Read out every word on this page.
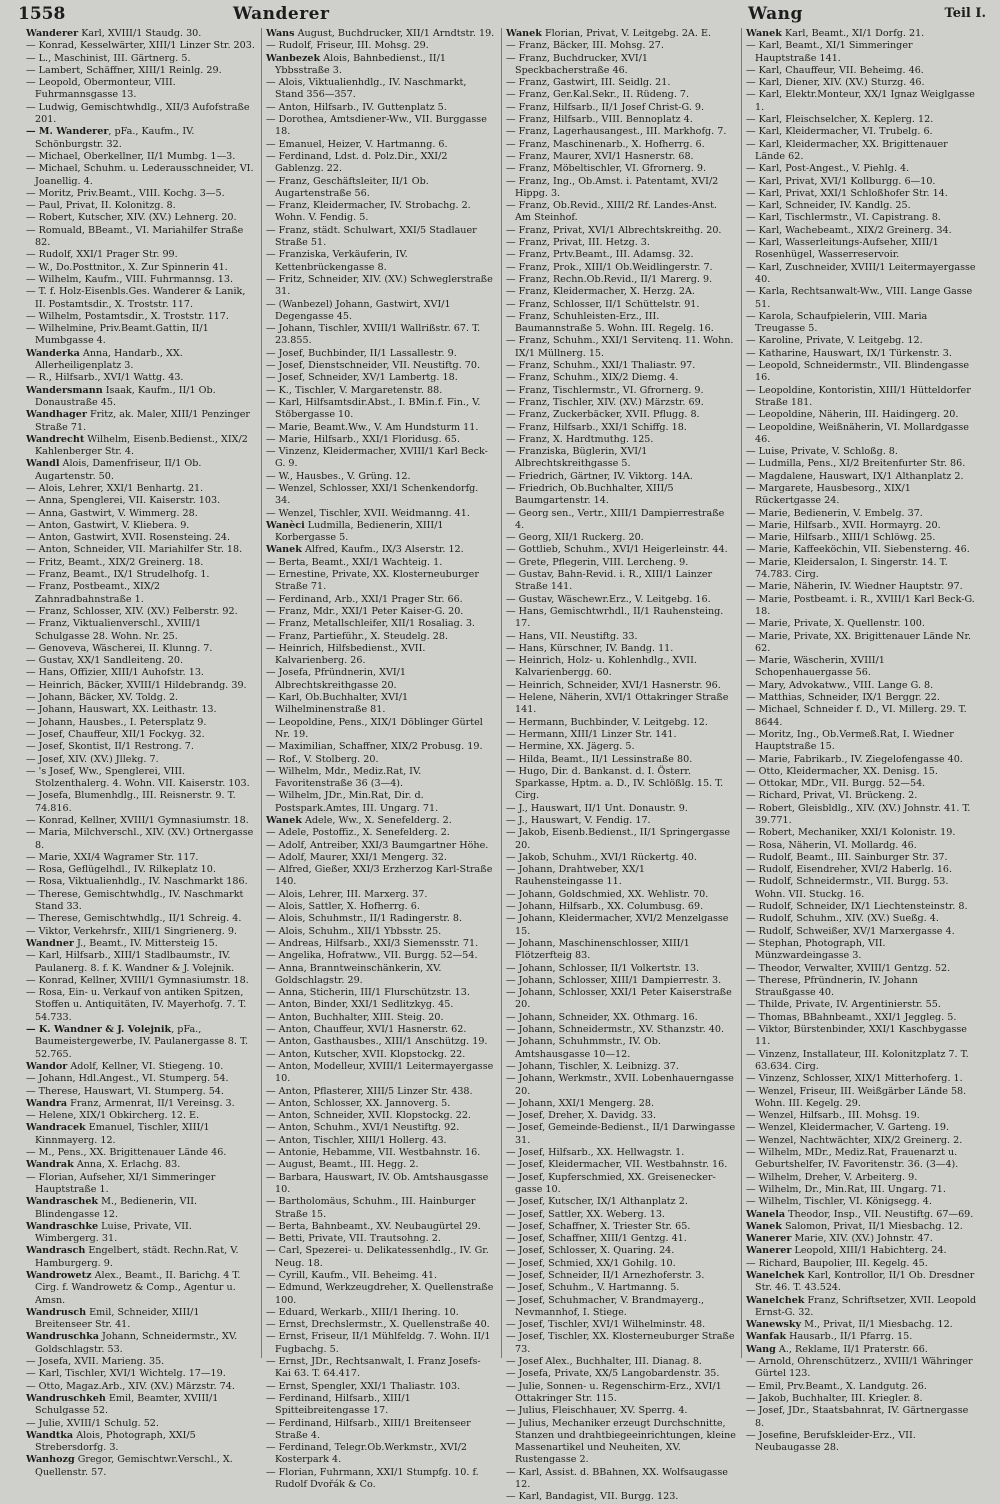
1558	Wanderer	Wang	Teil I.

Wanderer Karl, XVIII/1 Staudg. 30.

— Konrad, Kesselwärter, XIII/1 Linzer Str. 203.

— L., Maschinist, III. Gärtnerg. 5.

— Lambert, Schäffner, XIII/1 Reinlg. 29.

— Leopold, Obermonteur, VIII. Fuhrmannsgasse 13.

— Ludwig, Gemischtwhdlg., XII/3 Aufofstraße 201.

— M. Wanderer, pFa., Kaufm., IV. Schönburgstr. 32.

— Michael, Oberkellner, II/1 Mumbg. 1—3.

— Michael, Schuhm. u. Lederausschneider, VI. Joanellig. 4.

— Moritz, Priv.Beamt., VIII. Kochg. 3—5.

— Paul, Privat, II. Kolonitzg. 8.

— Robert, Kutscher, XIV. (XV.) Lehnerg. 20.

— Romuald, BBeamt., VI. Mariahilfer Straße 82.

— Rudolf, XXI/1 Prager Str. 99.

— W., Do.Posttnitor., X. Zur Spinnerin 41.

— Wilhelm, Kaufm., VIII. Fuhrmannsg. 13.

— T. f. Holz-Eisenbls.Ges. Wanderer & Lanik, II. Postamtsdir., X. Troststr. 117.

— Wilhelm, Postamtsdir., X. Troststr. 117.

— Wilhelmine, Priv.Beamt.Gattin, II/1 Mumbgasse 4.

Wanderka Anna, Handarb., XX. Allerheiligenplatz 3.

— R., Hilfsarb., XVI/1 Wattg. 43.

Wandersmann Isaak, Kaufm., II/1 Ob. Donaustraße 45.

Wandhager Fritz, ak. Maler, XIII/1 Penzinger Straße 71.

Wandrecht Wilhelm, Eisenb.Bedienst., XIX/2 Kahlenberger Str. 4.

Wandl Alois, Damenfriseur, II/1 Ob. Augartenstr. 50.

— Alois, Lehrer, XXI/1 Benhartg. 21.

— Anna, Spenglerei, VII. Kaiserstr. 103.

— Anna, Gastwirt, V. Wimmerg. 28.

— Anton, Gastwirt, V. Kliebera. 9.

— Anton, Gastwirt, XVII. Rosensteing. 24.

— Anton, Schneider, VII. Mariahilfer Str. 18.

— Fritz, Beamt., XIX/2 Greinerg. 18.

— Franz, Beamt., IX/1 Strudelhofg. 1.

— Franz, Postbeamt., XIX/2 Zahnradbahnstraße 1.

— Franz, Schlosser, XIV. (XV.) Felberstr. 92.

— Franz, Viktualienverschl., XVIII/1 Schulgasse 28. Wohn. Nr. 25.

— Genoveva, Wäscherei, II. Klunng. 7.

— Gustav, XX/1 Sandleiteng. 20.

— Hans, Offizier, XIII/1 Auhofstr. 13.

— Heinrich, Bäcker, XVIII/1 Hildebrandg. 39.

— Johann, Bäcker, XV. Toldg. 2.

— Johann, Hauswart, XX. Leithastr. 13.

— Johann, Hausbes., I. Petersplatz 9.

— Josef, Chauffeur, XII/1 Fockyg. 32.

— Josef, Skontist, II/1 Restrong. 7.

— Josef, XIV. (XV.) Jllekg. 7.

— 's Josef, Ww., Spenglerei, VIII. Stolzenthalerg. 4. Wohn. VII. Kaiserstr. 103.

— Josefa, Blumenhdlg., III. Reisnerstr. 9. T. 74.816.

— Konrad, Kellner, XVIII/1 Gymnasiumstr. 18.

— Maria, Milchverschl., XIV. (XV.) Ortnergasse 8.

— Marie, XXI/4 Wagramer Str. 117.

— Rosa, Geflügelhdl., IV. Rilkeplatz 10.

— Rosa, Viktualienhdlg., IV. Naschmarkt 186.

— Therese, Gemischtwhdlg., IV. Naschmarkt Stand 33.

— Therese, Gemischtwhdlg., II/1 Schreig. 4.

— Viktor, Verkehrsfr., XIII/1 Singrienerg. 9.

Wandner J., Beamt., IV. Mittersteig 15.

— Karl, Hilfsarb., XIII/1 Stadlbaumstr., IV. Paulanerg. 8. f. K. Wandner & J. Volejnik.

— Konrad, Kellner, XVIII/1 Gymnasiumstr. 18.

— Rosa, Ein- u. Verkauf von antiken Spitzen, Stoffen u. Antiquitäten, IV. Mayerhofg. 7. T. 54.733.

— K. Wandner & J. Volejnik, pFa., Baumeistergewerbe, IV. Paulanergasse 8. T. 52.765.

Wandor Adolf, Kellner, VI. Stiegeng. 10.

— Johann, Hdl.Angest., VI. Stumperg. 54.

— Therese, Hauswart, VI. Stumperg. 54.

Wandra Franz, Armenrat, II/1 Vereinsg. 3.

— Helene, XIX/1 Obkircherg. 12. E.

Wandracek Emanuel, Tischler, XIII/1 Kinnmayerg. 12.

— M., Pens., XX. Brigittenauer Lände 46.

Wandrak Anna, X. Erlachg. 83.

— Florian, Aufseher, XI/1 Simmeringer Hauptstraße 1.

Wandraschek M., Bedienerin, VII. Blindengasse 12.

Wandraschke Luise, Private, VII. Wimbergerg. 31.

Wandrasch Engelbert, städt. Rechn.Rat, V. Hamburgerg. 9.

Wandrowetz Alex., Beamt., II. Barichg. 4 T. Cirg. f. Wandrowetz & Comp., Agentur u. Amsn.

Wandrusch Emil, Schneider, XIII/1 Breitenseer Str. 41.

Wandruschka Johann, Schneidermstr., XV. Goldschlagstr. 53.

— Josefa, XVII. Marieng. 35.

— Karl, Tischler, XVI/1 Wichtelg. 17—19.

— Otto, Magaz.Arb., XIV. (XV.) Märzstr. 74.

Wandruschkeh Emil, Beamter, XVIII/1 Schulgasse 52.

— Julie, XVIII/1 Schulg. 52.

Wandtka Alois, Photograph, XXI/5 Strebersdorfg. 3.

Wanhozg Gregor, Gemischtwr.Verschl., X. Quellenstr. 57.

Wans August, Buchdrucker, XII/1 Arndtstr. 19.

— Rudolf, Friseur, III. Mohsg. 29.

Wanbezek Alois, Bahnbedienst., II/1 Ybbsstraße 3.

— Alois, Viktualienhdlg., IV. Naschmarkt, Stand 356—357.

— Anton, Hilfsarb., IV. Guttenplatz 5.

— Dorothea, Amtsdiener-Ww., VII. Burggasse 18.

— Emanuel, Heizer, V. Hartmanng. 6.

— Ferdinand, Ldst. d. Polz.Dir., XXI/2 Gablenzg. 22.

— Franz, Geschäftsleiter, II/1 Ob. Augartenstraße 56.

— Franz, Kleidermacher, IV. Strobachg. 2. Wohn. V. Fendig. 5.

— Franz, städt. Schulwart, XXI/5 Stadlauer Straße 51.

— Franziska, Verkäuferin, IV. Kettenbrückengasse 8.

— Fritz, Schneider, XIV. (XV.) Schweglerstraße 31.

— (Wanbezel) Johann, Gastwirt, XVI/1 Degengasse 45.

— Johann, Tischler, XVIII/1 Wallrißstr. 67. T. 23.855.

— Josef, Buchbinder, II/1 Lassallestr. 9.

— Josef, Dienstschneider, VII. Neustiftg. 70.

— Josef, Schneider, XV/1 Lambertg. 18.

— K., Tischler, V. Margaretenstr. 88.

— Karl, Hilfsamtsdir.Abst., I. BMin.f. Fin., V. Stöbergasse 10.

— Marie, Beamt.Ww., V. Am Hundsturm 11.

— Marie, Hilfsarb., XXI/1 Floridusg. 65.

— Vinzenz, Kleidermacher, XVIII/1 Karl Beck-G. 9.

— W., Hausbes., V. Grüng. 12.

— Wenzel, Schlosser, XXI/1 Schenkendorfg. 34.

— Wenzel, Tischler, XVII. Weidmanng. 41.

Wanèci Ludmilla, Bedienerin, XIII/1 Korbergasse 5.

Wanek Alfred, Kaufm., IX/3 Alserstr. 12.

— Berta, Beamt., XXI/1 Wachteig. 1.

— Ernestine, Private, XX. Klosterneuburger Straße 71.

— Ferdinand, Arb., XXI/1 Prager Str. 66.

— Franz, Mdr., XXI/1 Peter Kaiser-G. 20.

— Franz, Metallschleifer, XII/1 Rosaliag. 3.

— Franz, Partieführ., X. Steudelg. 28.

— Heinrich, Hilfsbedienst., XVII. Kalvarienberg. 26.

— Josefa, Pfründnerin, XVI/1 Albrechtskreithgasse 20.

— Karl, Ob.Buchhalter, XVI/1 Wilhelminenstraße 81.

— Leopoldine, Pens., XIX/1 Döblinger Gürtel Nr. 19.

— Maximilian, Schaffner, XIX/2 Probusg. 19.

— Rof., V. Stolberg. 20.

— Wilhelm, Mdr., Mediz.Rat, IV. Favoritenstraße 36 (3—4).

— Wilhelm, JDr., Min.Rat, Dir. d. Postspark.Amtes, III. Ungarg. 71.

Wanek Adele, Ww., X. Senefelderg. 2.

— Adele, Postoffiz., X. Senefelderg. 2.

— Adolf, Antreiber, XXI/3 Baumgartner Höhe.

— Adolf, Maurer, XXI/1 Mengerg. 32.

— Alfred, Gießer, XXI/3 Erzherzog Karl-Straße 140.

— Alois, Lehrer, III. Marxerg. 37.

— Alois, Sattler, X. Hofherrg. 6.

— Alois, Schuhmstr., II/1 Radingerstr. 8.

— Alois, Schuhm., XII/1 Ybbsstr. 25.

— Andreas, Hilfsarb., XXI/3 Siemensstr. 71.

— Angelika, Hofratww., VII. Burgg. 52—54.

— Anna, Branntweinschänkerin, XV. Goldschlagstr. 29.

— Anna, Sticherin, III/1 Flurschützstr. 13.

— Anton, Binder, XXI/1 Sedlitzkyg. 45.

— Anton, Buchhalter, XIII. Steig. 20.

— Anton, Chauffeur, XVI/1 Hasnerstr. 62.

— Anton, Gasthausbes., XIII/1 Anschützg. 19.

— Anton, Kutscher, XVII. Klopstockg. 22.

— Anton, Modelleur, XVIII/1 Leitermayergasse 10.

— Anton, Pflasterer, XIII/5 Linzer Str. 438.

— Anton, Schlosser, XX. Jannoverg. 5.

— Anton, Schneider, XVII. Klopstockg. 22.

— Anton, Schuhm., XVI/1 Neustiftg. 92.

— Anton, Tischler, XIII/1 Hollerg. 43.

— Antonie, Hebamme, VII. Westbahnstr. 16.

— August, Beamt., III. Hegg. 2.

— Barbara, Hauswart, IV. Ob. Amtshausgasse 10.

— Bartholomäus, Schuhm., III. Hainburger Straße 15.

— Berta, Bahnbeamt., XV. Neubaugürtel 29.

— Betti, Private, VII. Trautsohng. 2.

— Carl, Spezerei- u. Delikatessenhdlg., IV. Gr. Neug. 18.

— Cyrill, Kaufm., VII. Beheimg. 41.

— Edmund, Werkzeugdreher, X. Quellenstraße 100.

— Eduard, Werkarb., XIII/1 Ihering. 10.

— Ernst, Drechslermstr., X. Quellenstraße 40.

— Ernst, Friseur, II/1 Mühlfeldg. 7. Wohn. II/1 Fugbachg. 5.

— Ernst, JDr., Rechtsanwalt, I. Franz Josefs-Kai 63. T. 64.417.

— Ernst, Spengler, XXI/1 Thaliastr. 103.

— Ferdinand, Hilfsarb., XIII/1 Spitteibreitengasse 17.

— Ferdinand, Hilfsarb., XIII/1 Breitenseer Straße 4.

— Ferdinand, Telegr.Ob.Werkmstr., XVI/2 Kosterpark 4.

— Florian, Fuhrmann, XXI/1 Stumpfg. 10. f. Rudolf Dvořák & Co.

Wanek Florian, Privat, V. Leitgebg. 2A. E.

— Franz, Bäcker, III. Mohsg. 27.

— Franz, Buchdrucker, XVI/1 Speckbacherstraße 46.

— Franz, Gastwirt, III. Seidlg. 21.

— Franz, Ger.Kal.Sekr., II. Rüdeng. 7.

— Franz, Hilfsarb., II/1 Josef Christ-G. 9.

— Franz, Hilfsarb., VIII. Bennoplatz 4.

— Franz, Lagerhausangest., III. Markhofg. 7.

— Franz, Maschinenarb., X. Hofherrg. 6.

— Franz, Maurer, XVI/1 Hasnerstr. 68.

— Franz, Möbeltischler, VI. Gfrornerg. 9.

— Franz, Ing., Ob.Amst. i. Patentamt, XVI/2 Hippg. 3.

— Franz, Ob.Revid., XIII/2 Rf. Landes-Anst. Am Steinhof.

— Franz, Privat, XVI/1 Albrechtskreithg. 20.

— Franz, Privat, III. Hetzg. 3.

— Franz, Prtv.Beamt., III. Adamsg. 32.

— Franz, Prok., XIII/1 Ob.Weidlingerstr. 7.

— Franz, Rechn.Ob.Revid., II/1 Marerg. 9.

— Franz, Kleidermacher, X. Herzg. 2A.

— Franz, Schlosser, II/1 Schüttelstr. 91.

— Franz, Schuhleisten-Erz., III. Baumannstraße 5. Wohn. III. Regelg. 16.

— Franz, Schuhm., XXI/1 Servitenq. 11. Wohn. IX/1 Müllnerg. 15.

— Franz, Schuhm., XXI/1 Thaliastr. 97.

— Franz, Schuhm., XIX/2 Diemg. 4.

— Franz, Tischlermstr., VI. Gfrornerg. 9.

— Franz, Tischler, XIV. (XV.) Märzstr. 69.

— Franz, Zuckerbäcker, XVII. Pflugg. 8.

— Franz, Hilfsarb., XXI/1 Schiffg. 18.

— Franz, X. Hardtmuthg. 125.

— Franziska, Büglerin, XVI/1 Albrechtskreithgasse 5.

— Friedrich, Gärtner, IV. Viktorg. 14A.

— Friedrich, Ob.Buchhalter, XIII/5 Baumgartenstr. 14.

— Georg sen., Vertr., XIII/1 Dampierrestraße 4.

— Georg, XII/1 Ruckerg. 20.

— Gottlieb, Schuhm., XVI/1 Heigerleinstr. 44.

— Grete, Pflegerin, VIII. Lercheng. 9.

— Gustav, Bahn-Revid. i. R., XIII/1 Lainzer Straße 141.

— Gustav, Wäschewr.Erz., V. Leitgebg. 16.

— Hans, Gemischtwrhdl., II/1 Rauhensteing. 17.

— Hans, VII. Neustiftg. 33.

— Hans, Kürschner, IV. Bandg. 11.

— Heinrich, Holz- u. Kohlenhdlg., XVII. Kalvarienbergg. 60.

— Heinrich, Schneider, XVI/1 Hasnerstr. 96.

— Helene, Näherin, XVI/1 Ottakringer Straße 141.

— Hermann, Buchbinder, V. Leitgebg. 12.

— Hermann, XIII/1 Linzer Str. 141.

— Hermine, XX. Jägerg. 5.

— Hilda, Beamt., II/1 Lessinstraße 80.

— Hugo, Dir. d. Bankanst. d. I. Österr. Sparkasse, Hptm. a. D., IV. Schlößlg. 15. T. Cirg.

— J., Hauswart, II/1 Unt. Donaustr. 9.

— J., Hauswart, V. Fendig. 17.

— Jakob, Eisenb.Bedienst., II/1 Springergasse 20.

— Jakob, Schuhm., XVI/1 Rückertg. 40.

— Johann, Drahtweber, XX/1 Rauhensteingasse 11.

— Johann, Goldschmied, XX. Wehlistr. 70.

— Johann, Hilfsarb., XX. Columbusg. 69.

— Johann, Kleidermacher, XVI/2 Menzelgasse 15.

— Johann, Maschinenschlosser, XIII/1 Flötzerfteig 83.

— Johann, Schlosser, II/1 Volkertstr. 13.

— Johann, Schlosser, XIII/1 Dampierrestr. 3.

— Johann, Schlosser, XXI/1 Peter Kaiserstraße 20.

— Johann, Schneider, XX. Othmarg. 16.

— Johann, Schneidermstr., XV. Sthanzstr. 40.

— Johann, Schuhmmstr., IV. Ob. Amtshausgasse 10—12.

— Johann, Tischler, X. Leibnizg. 37.

— Johann, Werkmstr., XVII. Lobenhauerngasse 20.

— Johann, XXI/1 Mengerg. 28.

— Josef, Dreher, X. Davidg. 33.

— Josef, Gemeinde-Bedienst., II/1 Darwingasse 31.

— Josef, Hilfsarb., XX. Hellwagstr. 1.

— Josef, Kleidermacher, VII. Westbahnstr. 16.

— Josef, Kupferschmied, XX. Greisenecker-gasse 10.

— Josef, Kutscher, IX/1 Althanplatz 2.

— Josef, Sattler, XX. Weberg. 13.

— Josef, Schaffner, X. Triester Str. 65.

— Josef, Schaffner, XIII/1 Gentzg. 41.

— Josef, Schlosser, X. Quaring. 24.

— Josef, Schmied, XX/1 Gohilg. 10.

— Josef, Schneider, II/1 Arnezhoferstr. 3.

— Josef, Schuhm., V. Hartmanng. 5.

— Josef, Schuhmacher, V. Brandmayerg., Nevmannhof, I. Stiege.

— Josef, Tischler, XVI/1 Wilhelminstr. 48.

— Josef, Tischler, XX. Klosterneuburger Straße 73.

— Josef Alex., Buchhalter, III. Dianag. 8.

— Josefa, Private, XX/5 Langobardenstr. 35.

— Julie, Sonnen- u. Regenschirm-Erz., XVI/1 Ottakringer Str. 115.

— Julius, Fleischhauer, XV. Sperrg. 4.

— Julius, Mechaniker erzeugt Durchschnitte, Stanzen und drahtbiegeeinrichtungen, kleine Massenartikel und Neuheiten, XV. Rustengasse 2.

— Karl, Assist. d. BBahnen, XX. Wolfsaugasse 12.

— Karl, Bandagist, VII. Burgg. 123.

Wanek Karl, Beamt., XI/1 Dorfg. 21.

— Karl, Beamt., XI/1 Simmeringer Hauptstraße 141.

— Karl, Chauffeur, VII. Beheimg. 46.

— Karl, Diener, XIV. (XV.) Sturzg. 46.

— Karl, Elektr.Monteur, XX/1 Ignaz Weiglgasse 1.

— Karl, Fleischselcher, X. Keplerg. 12.

— Karl, Kleidermacher, VI. Trubelg. 6.

— Karl, Kleidermacher, XX. Brigittenauer Lände 62.

— Karl, Post-Angest., V. Piehlg. 4.

— Karl, Privat, XVI/1 Kollburgg. 6—10.

— Karl, Privat, XXI/1 Schloßhofer Str. 14.

— Karl, Schneider, IV. Kandlg. 25.

— Karl, Tischlermstr., VI. Capistrang. 8.

— Karl, Wachebeamt., XIX/2 Greinerg. 34.

— Karl, Wasserleitungs-Aufseher, XIII/1 Rosenhügel, Wasserreservoir.

— Karl, Zuschneider, XVIII/1 Leitermayergasse 40.

— Karla, Rechtsanwalt-Ww., VIII. Lange Gasse 51.

— Karola, Schaufpielerin, VIII. Maria Treugasse 5.

— Karoline, Private, V. Leitgebg. 12.

— Katharine, Hauswart, IX/1 Türkenstr. 3.

— Leopold, Schneidermstr., VII. Blindengasse 16.

— Leopoldine, Kontoristin, XIII/1 Hütteldorfer Straße 181.

— Leopoldine, Näherin, III. Haidingerg. 20.

— Leopoldine, Weißnäherin, VI. Mollardgasse 46.

— Luise, Private, V. Schloßg. 8.

— Ludmilla, Pens., XI/2 Breitenfurter Str. 86.

— Magdalene, Hauswart, IX/1 Althanplatz 2.

— Margarete, Hausbesorg., XIX/1 Rückertgasse 24.

— Marie, Bedienerin, V. Embelg. 37.

— Marie, Hilfsarb., XVII. Hormayrg. 20.

— Marie, Hilfsarb., XIII/1 Schlöwg. 25.

— Marie, Kaffeeköchin, VII. Siebensterng. 46.

— Marie, Kleidersalon, I. Singerstr. 14. T. 74.783. Cirg.

— Marie, Näherin, IV. Wiedner Hauptstr. 97.

— Marie, Postbeamt. i. R., XVIII/1 Karl Beck-G. 18.

— Marie, Private, X. Quellenstr. 100.

— Marie, Private, XX. Brigittenauer Lände Nr. 62.

— Marie, Wäscherin, XVIII/1 Schopenhauergasse 56.

— Mary, Advokatww., VIII. Lange G. 8.

— Matthias, Schneider, IX/1 Berggr. 22.

— Michael, Schneider f. D., VI. Millerg. 29. T. 8644.

— Moritz, Ing., Ob.Vermeß.Rat, I. Wiedner Hauptstraße 15.

— Marie, Fabrikarb., IV. Ziegelofengasse 40.

— Otto, Kleidermacher, XX. Denisg. 15.

— Ottokar, MDr., VII. Burgg. 52—54.

— Richard, Privat, VI. Brückeng. 2.

— Robert, Gleisbldlg., XIV. (XV.) Johnstr. 41. T. 39.771.

— Robert, Mechaniker, XXI/1 Kolonistr. 19.

— Rosa, Näherin, VI. Mollardg. 46.

— Rudolf, Beamt., III. Sainburger Str. 37.

— Rudolf, Eisendreher, XVI/2 Haberlg. 16.

— Rudolf, Schneidermstr., VII. Burgg. 53. Wohn. VII. Stuckg. 16.

— Rudolf, Schneider, IX/1 Liechtensteinstr. 8.

— Rudolf, Schuhm., XIV. (XV.) Sueßg. 4.

— Rudolf, Schweißer, XV/1 Marxergasse 4.

— Stephan, Photograph, VII. Münzwardeingasse 3.

— Theodor, Verwalter, XVIII/1 Gentzg. 52.

— Therese, Pfründnerin, IV. Johann Straußgasse 40.

— Thilde, Private, IV. Argentinierstr. 55.

— Thomas, BBahnbeamt., XXI/1 Jeggleg. 5.

— Viktor, Bürstenbinder, XXI/1 Kaschbygasse 11.

— Vinzenz, Installateur, III. Kolonitzplatz 7. T. 63.634. Cirg.

— Vinzenz, Schlosser, XIX/1 Mitterhoferg. 1.

— Wenzel, Friseur, III. Weißgärber Lände 58. Wohn. III. Kegelg. 29.

— Wenzel, Hilfsarb., III. Mohsg. 19.

— Wenzel, Kleidermacher, V. Garteng. 19.

— Wenzel, Nachtwächter, XIX/2 Greinerg. 2.

— Wilhelm, MDr., Mediz.Rat, Frauenarzt u. Geburtshelfer, IV. Favoritenstr. 36. (3—4).

— Wilhelm, Dreher, V. Arbeiterg. 9.

— Wilhelm, Dr., Min.Rat, III. Ungarg. 71.

— Wilhelm, Tischler, VI. Königsegg. 4.

Wanela Theodor, Insp., VII. Neustiftg. 67—69.

Wanek Salomon, Privat, II/1 Miesbachg. 12.

Wanerer Marie, XIV. (XV.) Johnstr. 47.

Wanerer Leopold, XIII/1 Habichterg. 24.

— Richard, Baupolier, III. Kegelg. 45.

Wanelchek Karl, Kontrollor, II/1 Ob. Dresdner Str. 46. T. 43.524.

Wanelchek Franz, Schriftsetzer, XVII. Leopold Ernst-G. 32.

Wanewsky M., Privat, II/1 Miesbachg. 12.

Wanfak Hausarb., II/1 Pfarrg. 15.

Wang A., Reklame, II/1 Praterstr. 66.

— Arnold, Ohrenschützerz., XVIII/1 Währinger Gürtel 123.

— Emil, Prv.Beamt., X. Landgutg. 26.

— Jakob, Buchhalter, III. Kriegler. 8.

— Josef, JDr., Staatsbahnrat, IV. Gärtnergasse 8.

— Josefine, Berufskleider-Erz., VII. Neubaugasse 28.
